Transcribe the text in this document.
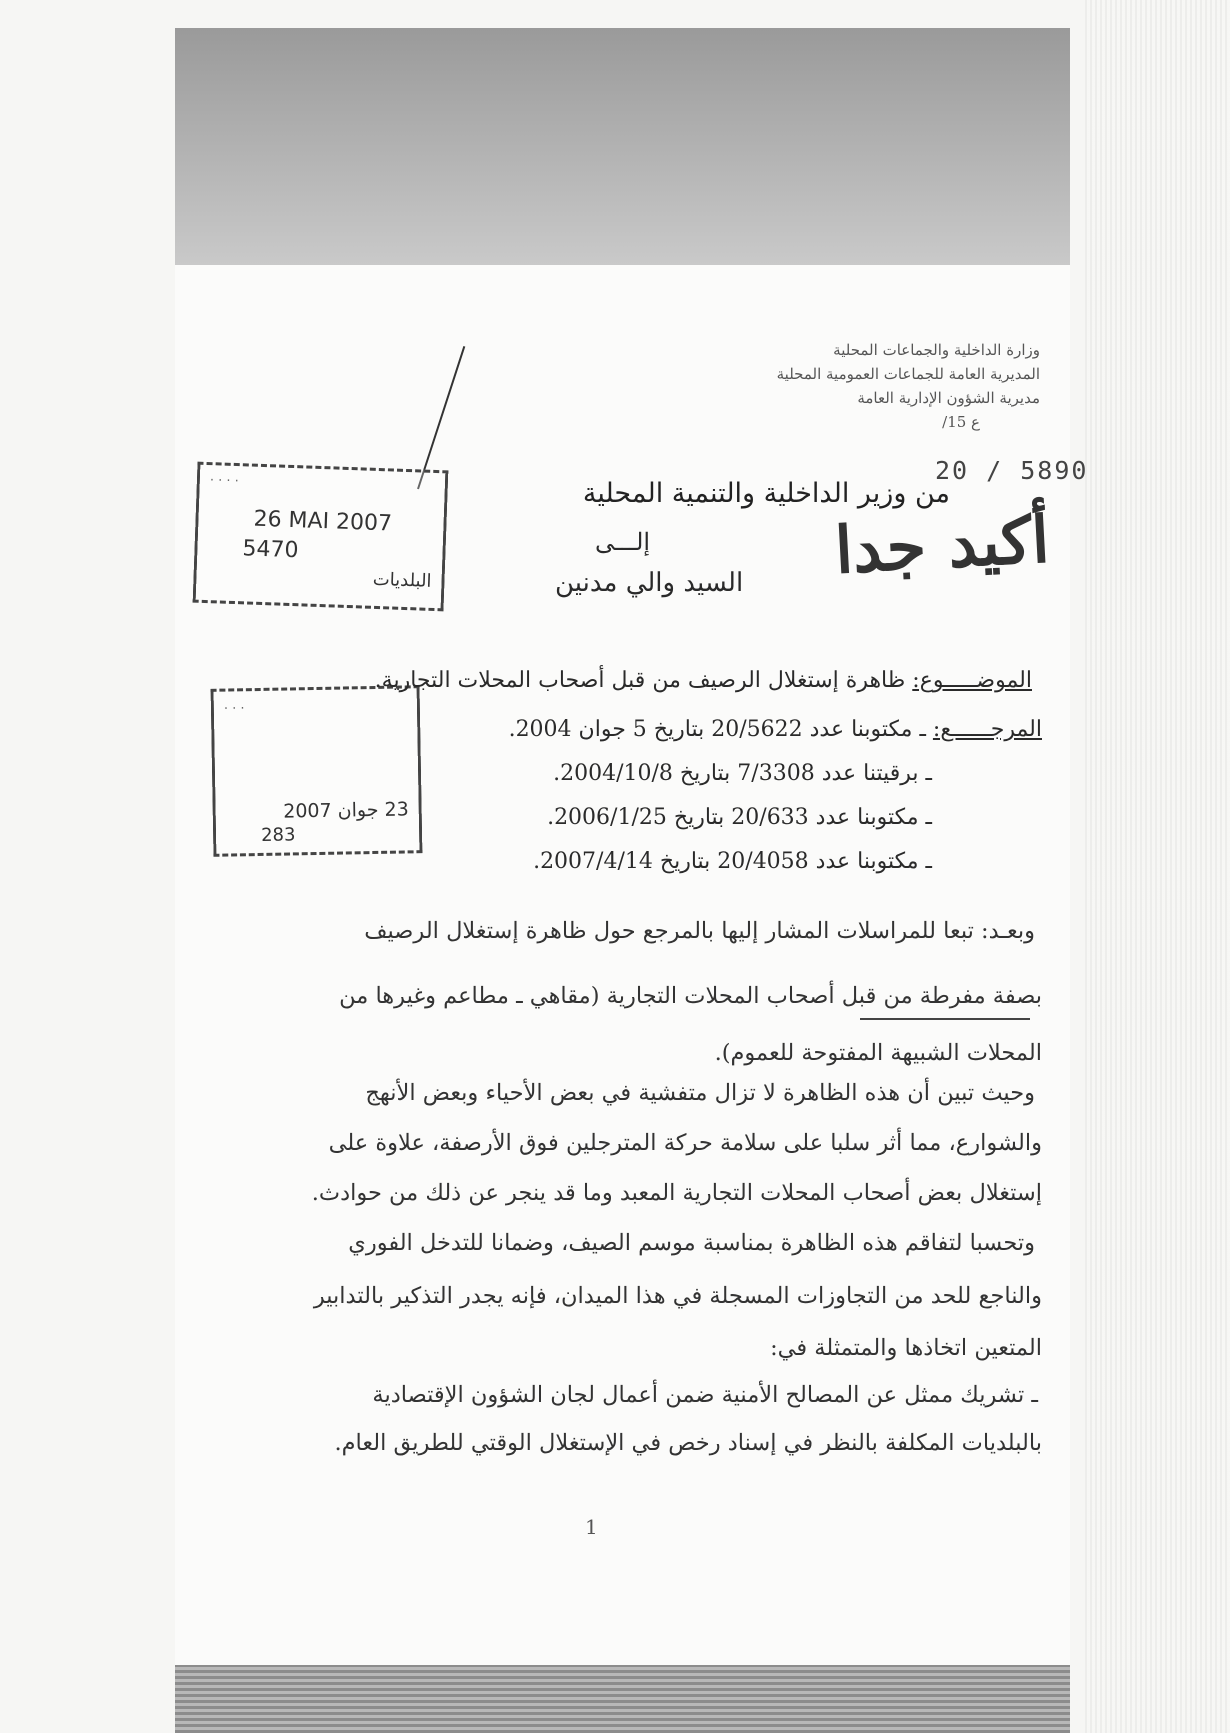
وزارة الداخلية والجماعات المحلية
المديرية العامة للجماعات العمومية المحلية
مديرية الشؤون الإدارية العامة
ع 15/
20 / 5890
من وزير الداخلية والتنمية المحلية
أكيد جدا
إلـــى
السيد والي مدنين
· · · ·
26 MAI 2007
5470
البلديات
· · ·
23 جوان 2007
283
الموضـــــوع: ظاهرة إستغلال الرصيف من قبل أصحاب المحلات التجارية.
المرجــــــع: ـ مكتوبنا عدد 20/5622 بتاريخ 5 جوان 2004.
ـ برقيتنا عدد 7/3308 بتاريخ 2004/10/8.
ـ مكتوبنا عدد 20/633 بتاريخ 2006/1/25.
ـ مكتوبنا عدد 20/4058 بتاريخ 2007/4/14.
وبعـد: تبعا للمراسلات المشار إليها بالمرجع حول ظاهرة إستغلال الرصيف
بصفة مفرطة من قبل أصحاب المحلات التجارية (مقاهي ـ مطاعم وغيرها من
المحلات الشبيهة المفتوحة للعموم).
وحيث تبين أن هذه الظاهرة لا تزال متفشية في بعض الأحياء وبعض الأنهج
والشوارع، مما أثر سلبا على سلامة حركة المترجلين فوق الأرصفة، علاوة على
إستغلال بعض أصحاب المحلات التجارية المعبد وما قد ينجر عن ذلك من حوادث.
وتحسبا لتفاقم هذه الظاهرة بمناسبة موسم الصيف، وضمانا للتدخل الفوري
والناجع للحد من التجاوزات المسجلة في هذا الميدان، فإنه يجدر التذكير بالتدابير
المتعين اتخاذها والمتمثلة في:
ـ تشريك ممثل عن المصالح الأمنية ضمن أعمال لجان الشؤون الإقتصادية
بالبلديات المكلفة بالنظر في إسناد رخص في الإستغلال الوقتي للطريق العام.
1
